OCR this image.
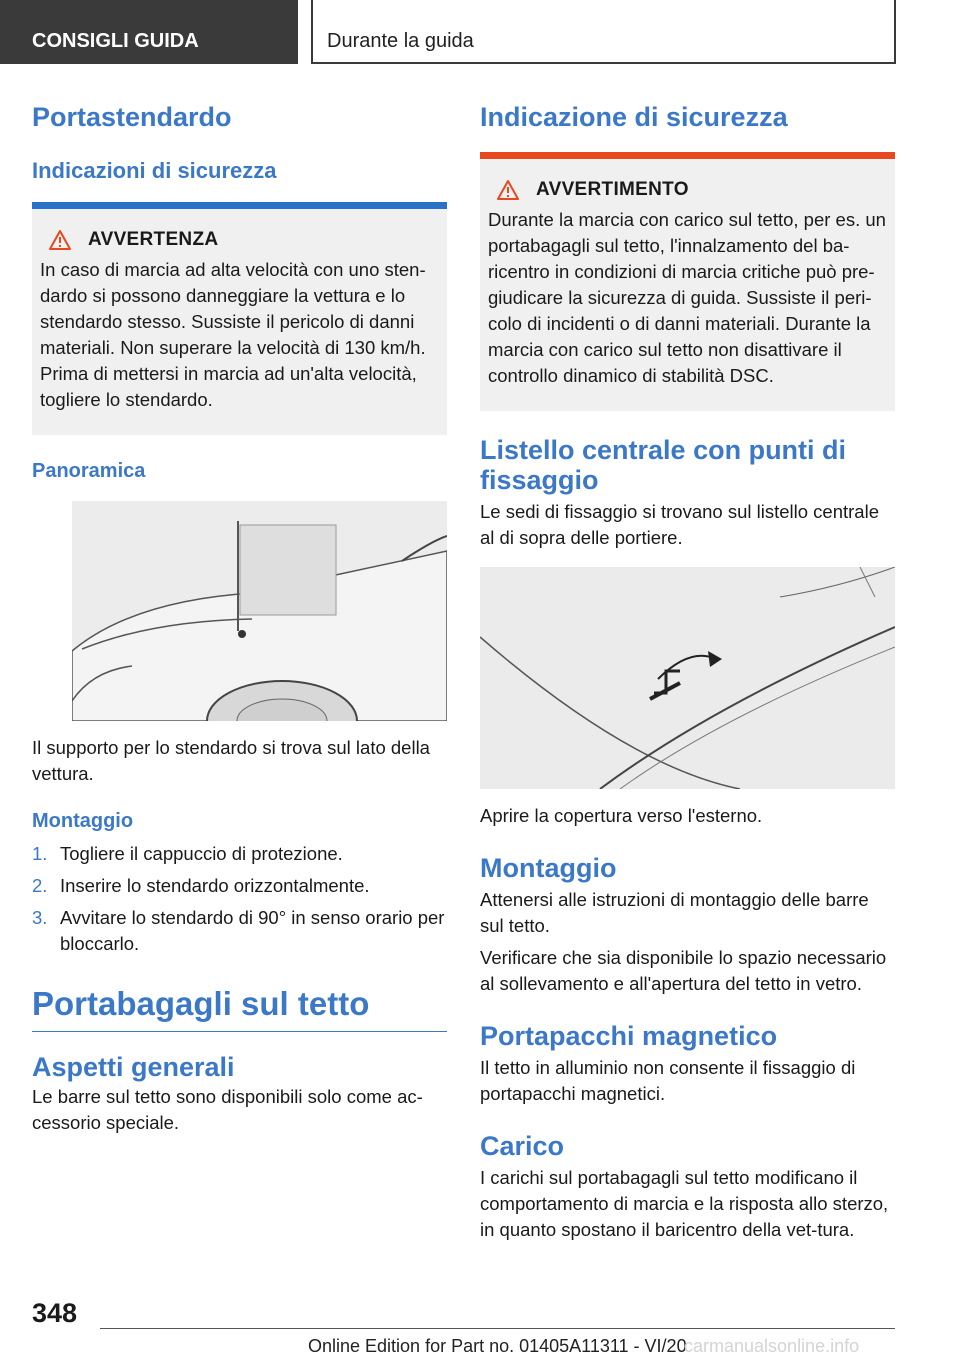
CONSIGLI GUIDA	Durante la guida
Portastendardo
Indicazioni di sicurezza
AVVERTENZA

In caso di marcia ad alta velocità con uno sten-dardo si possono danneggiare la vettura e lo stendardo stesso. Sussiste il pericolo di danni materiali. Non superare la velocità di 130 km/h. Prima di mettersi in marcia ad un'alta velocità, togliere lo stendardo.

Panoramica

Il supporto per lo stendardo si trova sul lato della vettura.

Montaggio
1. Togliere il cappuccio di protezione.
2. Inserire lo stendardo orizzontalmente.
3. Avvitare lo stendardo di 90° in senso orario per bloccarlo.
Portabagagli sul tetto
Aspetti generali

Le barre sul tetto sono disponibili solo come ac-cessorio speciale.

Indicazione di sicurezza
AVVERTIMENTO

Durante la marcia con carico sul tetto, per es. un portabagagli sul tetto, l'innalzamento del ba-ricentro in condizioni di marcia critiche può pre-giudicare la sicurezza di guida. Sussiste il peri-colo di incidenti o di danni materiali. Durante la marcia con carico sul tetto non disattivare il controllo dinamico di stabilità DSC.

Listello centrale con punti di fissaggio

Le sedi di fissaggio si trovano sul listello centrale al di sopra delle portiere.

Aprire la copertura verso l'esterno.

Montaggio

Attenersi alle istruzioni di montaggio delle barre sul tetto.

Verificare che sia disponibile lo spazio necessario al sollevamento e all'apertura del tetto in vetro.

Portapacchi magnetico

Il tetto in alluminio non consente il fissaggio di portapacchi magnetici.

Carico

I carichi sul portabagagli sul tetto modificano il comportamento di marcia e la risposta allo sterzo, in quanto spostano il baricentro della vet-tura.

348
Online Edition for Part no. 01405A11311 - VI/20
carmanualsonline.info
